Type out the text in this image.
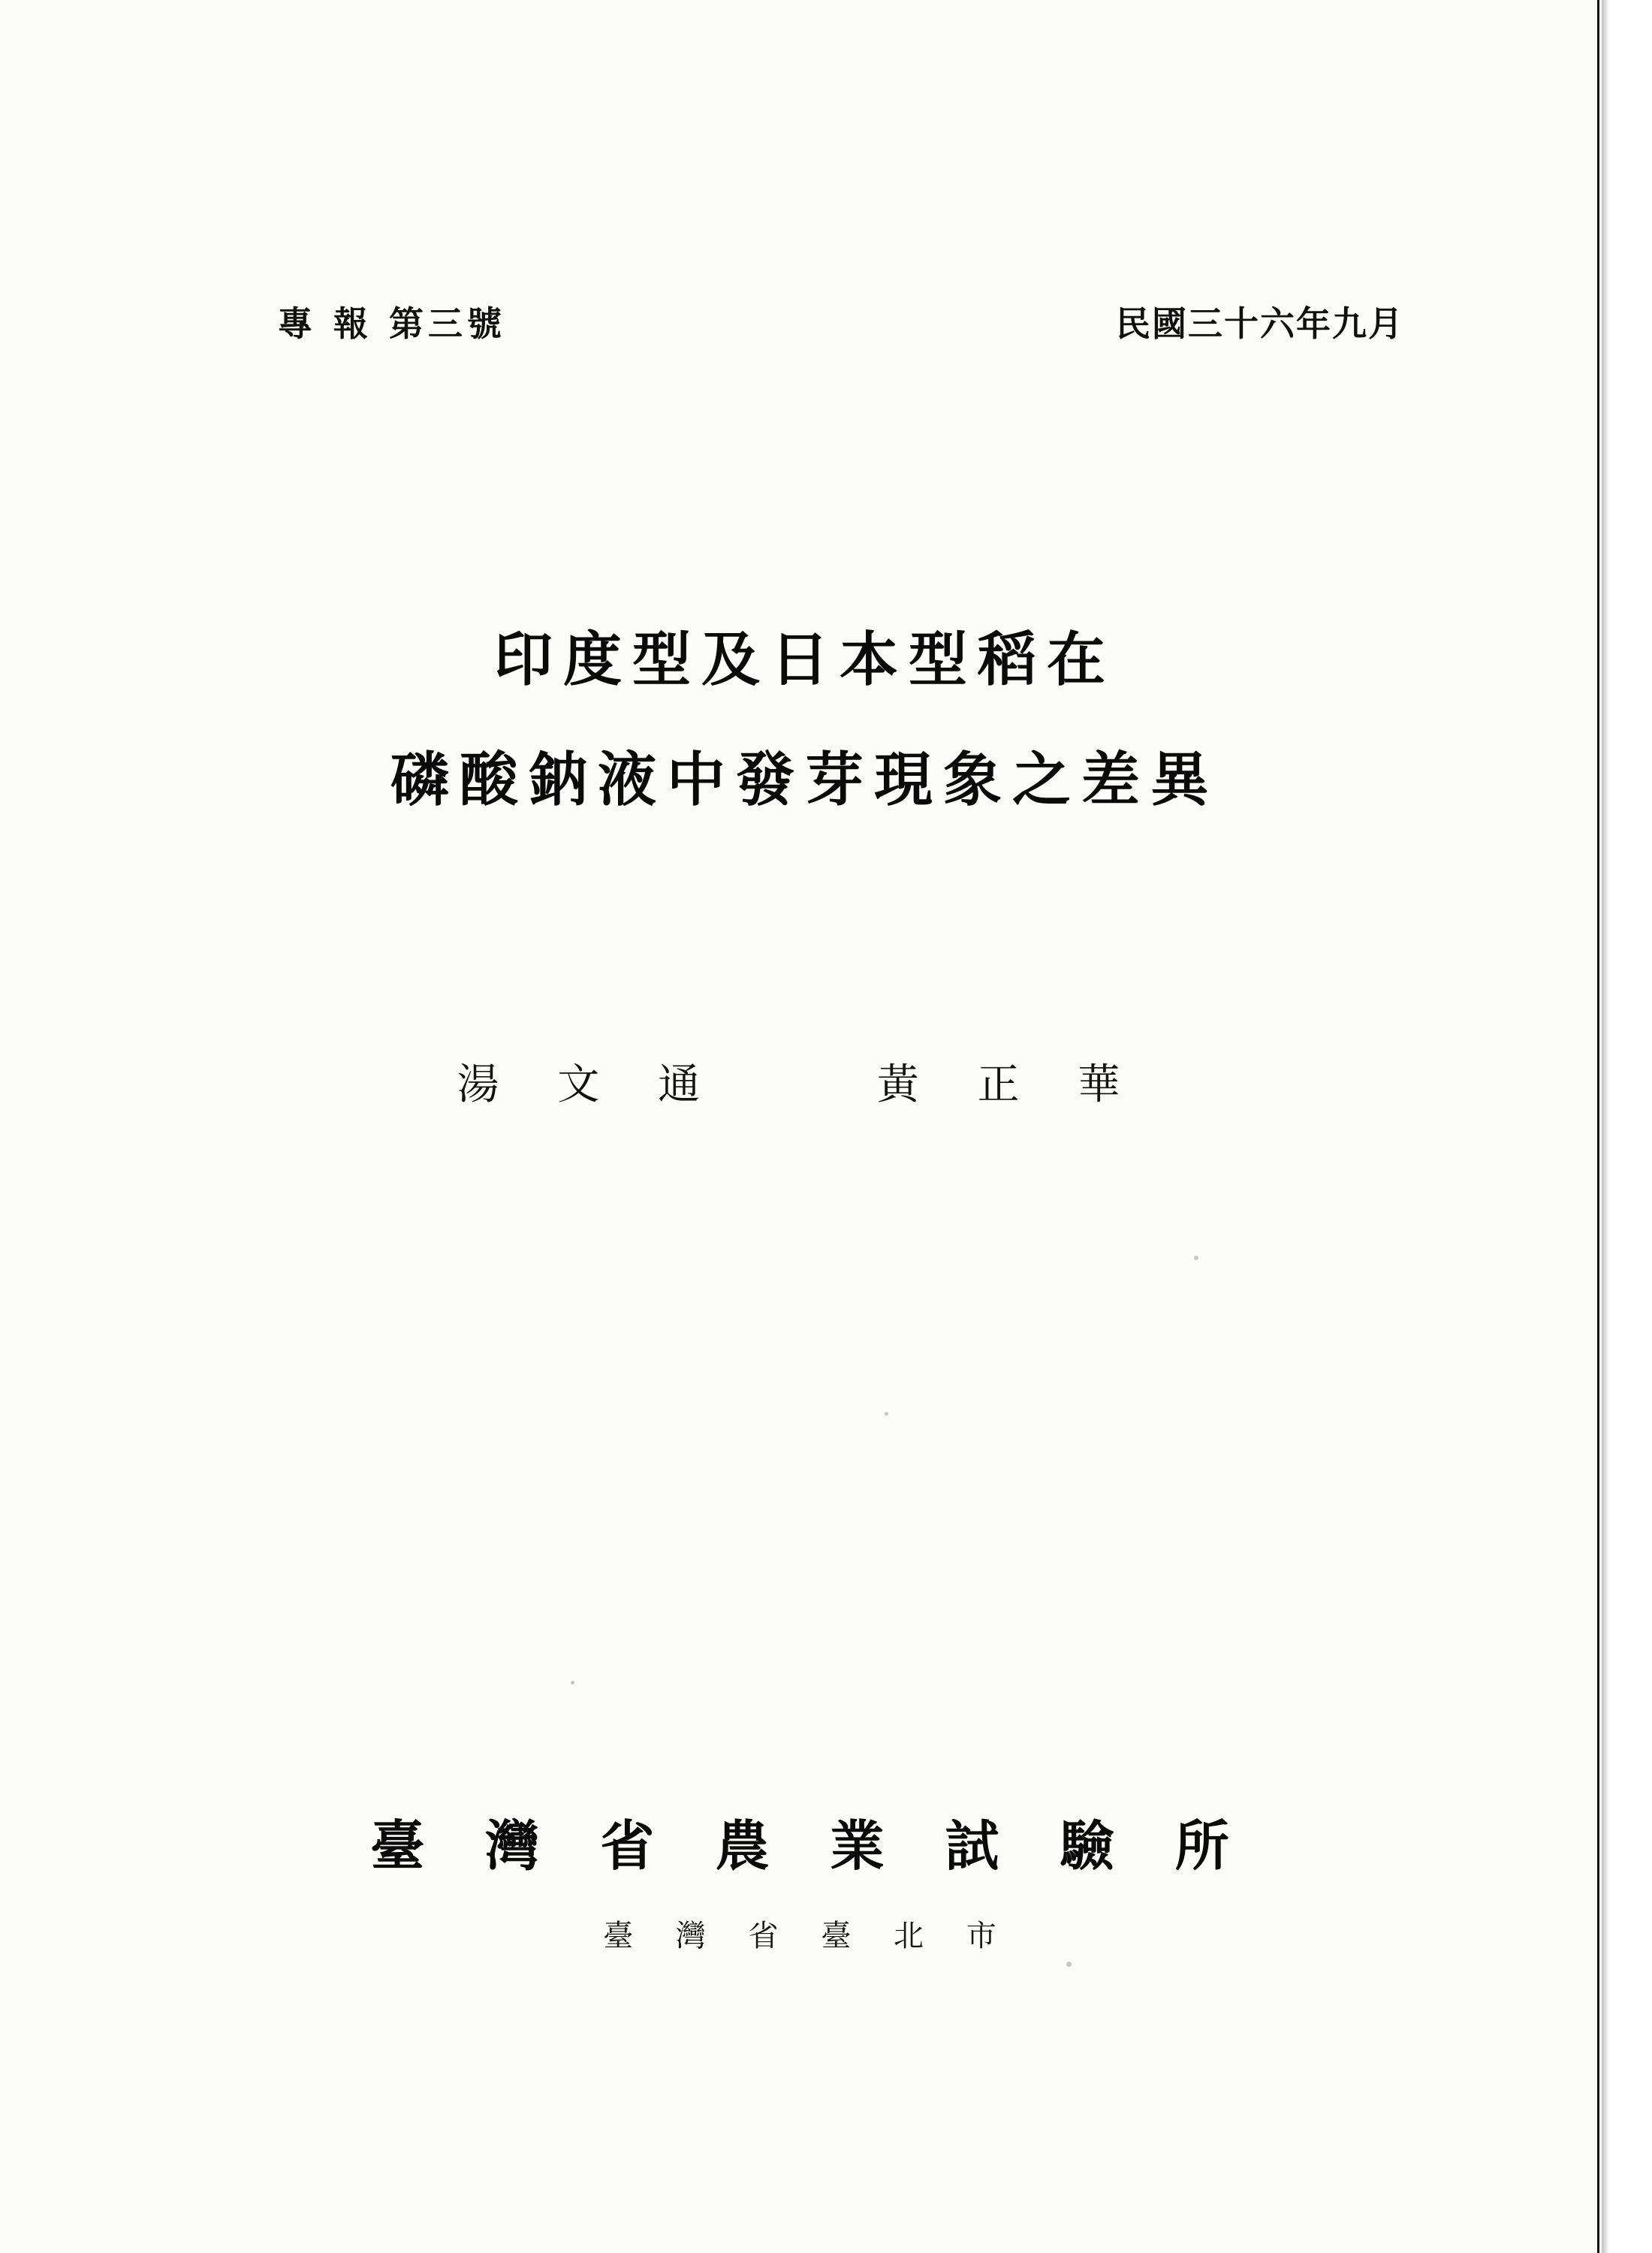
專 報 第三號	民國三十六年九月
印度型及日本型稻在
磷酸鈉液中發芽現象之差異
湯 文 通	黃 正 華
臺 灣 省 農 業 試 驗 所
臺 灣 省 臺 北 市
